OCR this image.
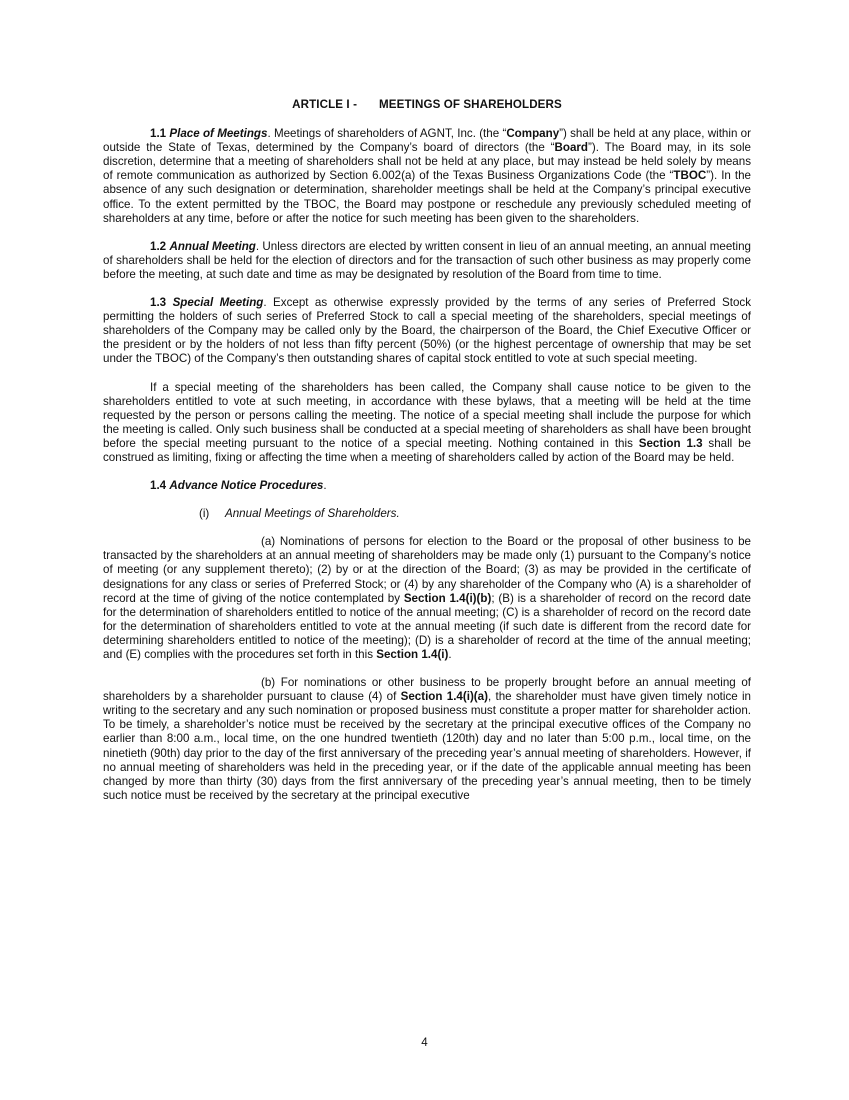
ARTICLE I - MEETINGS OF SHAREHOLDERS

1.1 Place of Meetings. Meetings of shareholders of AGNT, Inc. (the “Company”) shall be held at any place, within or outside the State of Texas, determined by the Company’s board of directors (the “Board”). The Board may, in its sole discretion, determine that a meeting of shareholders shall not be held at any place, but may instead be held solely by means of remote communication as authorized by Section 6.002(a) of the Texas Business Organizations Code (the “TBOC”). In the absence of any such designation or determination, shareholder meetings shall be held at the Company’s principal executive office. To the extent permitted by the TBOC, the Board may postpone or reschedule any previously scheduled meeting of shareholders at any time, before or after the notice for such meeting has been given to the shareholders.

1.2 Annual Meeting. Unless directors are elected by written consent in lieu of an annual meeting, an annual meeting of shareholders shall be held for the election of directors and for the transaction of such other business as may properly come before the meeting, at such date and time as may be designated by resolution of the Board from time to time.

1.3 Special Meeting. Except as otherwise expressly provided by the terms of any series of Preferred Stock permitting the holders of such series of Preferred Stock to call a special meeting of the shareholders, special meetings of shareholders of the Company may be called only by the Board, the chairperson of the Board, the Chief Executive Officer or the president or by the holders of not less than fifty percent (50%) (or the highest percentage of ownership that may be set under the TBOC) of the Company’s then outstanding shares of capital stock entitled to vote at such special meeting.

If a special meeting of the shareholders has been called, the Company shall cause notice to be given to the shareholders entitled to vote at such meeting, in accordance with these bylaws, that a meeting will be held at the time requested by the person or persons calling the meeting. The notice of a special meeting shall include the purpose for which the meeting is called. Only such business shall be conducted at a special meeting of shareholders as shall have been brought before the special meeting pursuant to the notice of a special meeting. Nothing contained in this Section 1.3 shall be construed as limiting, fixing or affecting the time when a meeting of shareholders called by action of the Board may be held.

1.4 Advance Notice Procedures.

(i) Annual Meetings of Shareholders.

(a) Nominations of persons for election to the Board or the proposal of other business to be transacted by the shareholders at an annual meeting of shareholders may be made only (1) pursuant to the Company’s notice of meeting (or any supplement thereto); (2) by or at the direction of the Board; (3) as may be provided in the certificate of designations for any class or series of Preferred Stock; or (4) by any shareholder of the Company who (A) is a shareholder of record at the time of giving of the notice contemplated by Section 1.4(i)(b); (B) is a shareholder of record on the record date for the determination of shareholders entitled to notice of the annual meeting; (C) is a shareholder of record on the record date for the determination of shareholders entitled to vote at the annual meeting (if such date is different from the record date for determining shareholders entitled to notice of the meeting); (D) is a shareholder of record at the time of the annual meeting; and (E) complies with the procedures set forth in this Section 1.4(i).

(b) For nominations or other business to be properly brought before an annual meeting of shareholders by a shareholder pursuant to clause (4) of Section 1.4(i)(a), the shareholder must have given timely notice in writing to the secretary and any such nomination or proposed business must constitute a proper matter for shareholder action. To be timely, a shareholder’s notice must be received by the secretary at the principal executive offices of the Company no earlier than 8:00 a.m., local time, on the one hundred twentieth (120th) day and no later than 5:00 p.m., local time, on the ninetieth (90th) day prior to the day of the first anniversary of the preceding year’s annual meeting of shareholders. However, if no annual meeting of shareholders was held in the preceding year, or if the date of the applicable annual meeting has been changed by more than thirty (30) days from the first anniversary of the preceding year’s annual meeting, then to be timely such notice must be received by the secretary at the principal executive

4
